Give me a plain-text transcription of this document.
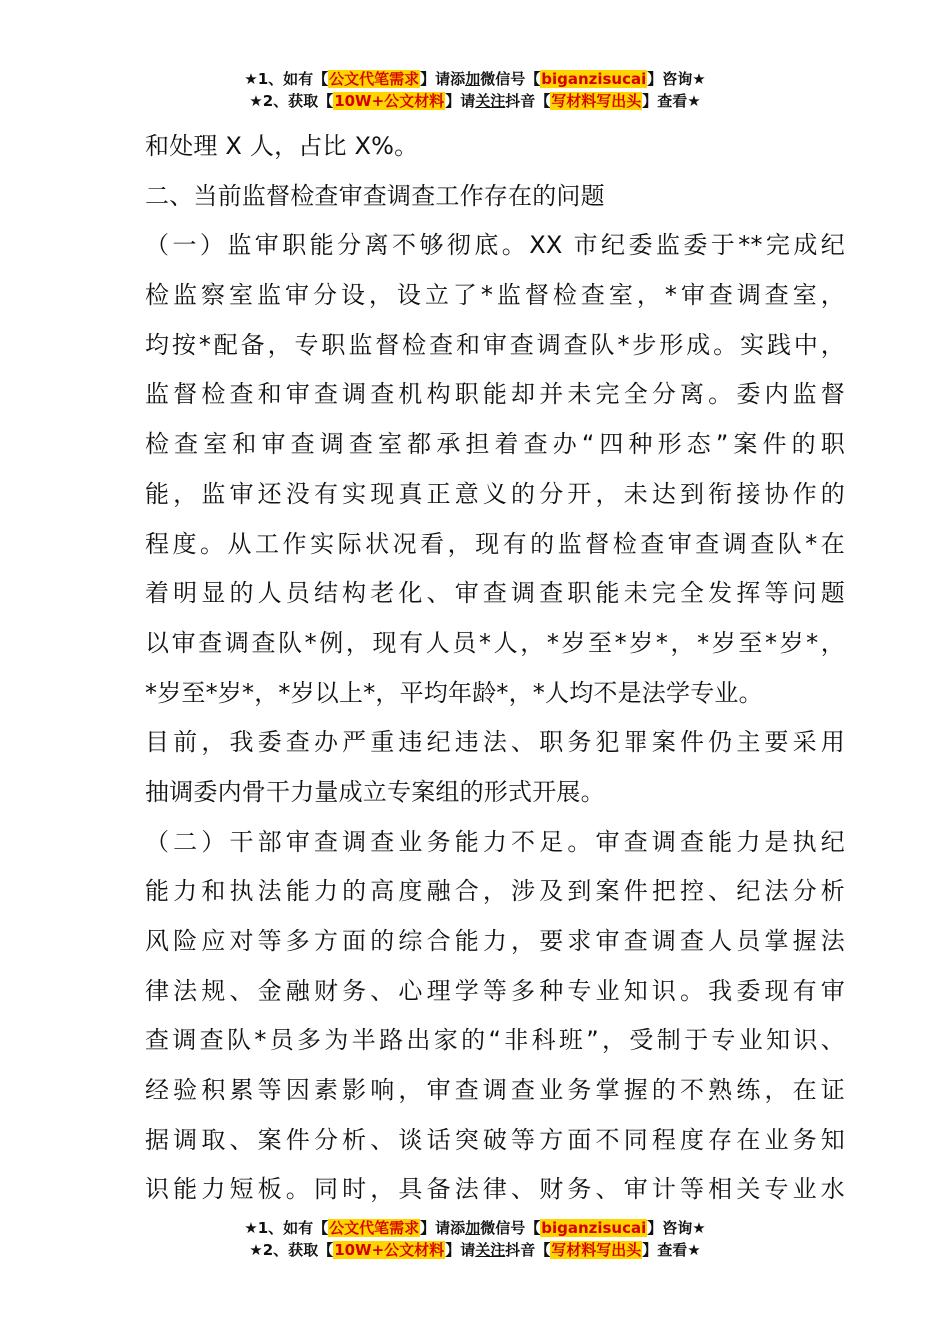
★1、如有【公文代笔需求】请添加微信号【biganzisucai】咨询★
★2、获取【10W+公文材料】请关注抖音【写材料写出头】查看★
和处理 X 人，占比 X%。
二、当前监督检查审查调查工作存在的问题
（一）监审职能分离不够彻底。XX 市纪委监委于**完成纪
检监察室监审分设，设立了*监督检查室，*审查调查室，
均按*配备，专职监督检查和审查调查队*步形成。实践中，
监督检查和审查调查机构职能却并未完全分离。委内监督
检查室和审查调查室都承担着查办“四种形态”案件的职
能，监审还没有实现真正意义的分开，未达到衔接协作的
程度。从工作实际状况看，现有的监督检查审查调查队*在
着明显的人员结构老化、审查调查职能未完全发挥等问题
以审查调查队*例，现有人员*人，*岁至*岁*，*岁至*岁*，
*岁至*岁*，*岁以上*，平均年龄*，*人均不是法学专业。
目前，我委查办严重违纪违法、职务犯罪案件仍主要采用
抽调委内骨干力量成立专案组的形式开展。
（二）干部审查调查业务能力不足。审查调查能力是执纪
能力和执法能力的高度融合，涉及到案件把控、纪法分析
风险应对等多方面的综合能力，要求审查调查人员掌握法
律法规、金融财务、心理学等多种专业知识。我委现有审
查调查队*员多为半路出家的“非科班”，受制于专业知识、
经验积累等因素影响，审查调查业务掌握的不熟练，在证
据调取、案件分析、谈话突破等方面不同程度存在业务知
识能力短板。同时，具备法律、财务、审计等相关专业水
★1、如有【公文代笔需求】请添加微信号【biganzisucai】咨询★
★2、获取【10W+公文材料】请关注抖音【写材料写出头】查看★
